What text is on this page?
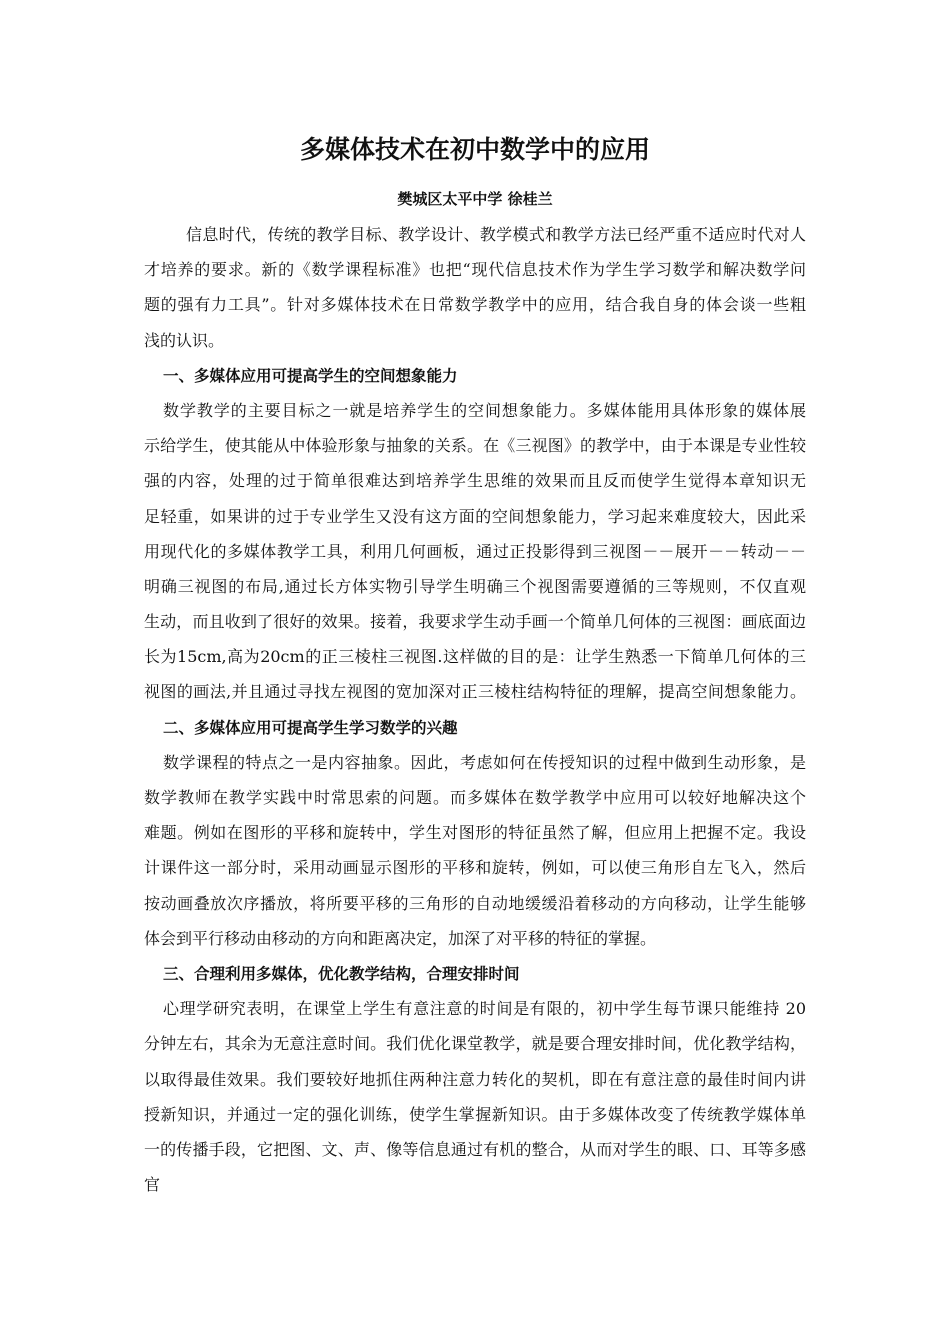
多媒体技术在初中数学中的应用
樊城区太平中学 徐桂兰
信息时代，传统的教学目标、教学设计、教学模式和教学方法已经严重不适应时代对人
才培养的要求。新的《数学课程标准》也把“现代信息技术作为学生学习数学和解决数学问
题的强有力工具”。针对多媒体技术在日常数学教学中的应用，结合我自身的体会谈一些粗
浅的认识。
一、多媒体应用可提高学生的空间想象能力
数学教学的主要目标之一就是培养学生的空间想象能力。多媒体能用具体形象的媒体展
示给学生，使其能从中体验形象与抽象的关系。在《三视图》的教学中，由于本课是专业性较
强的内容，处理的过于简单很难达到培养学生思维的效果而且反而使学生觉得本章知识无
足轻重，如果讲的过于专业学生又没有这方面的空间想象能力，学习起来难度较大，因此采
用现代化的多媒体教学工具，利用几何画板，通过正投影得到三视图－－展开－－转动－－
明确三视图的布局,通过长方体实物引导学生明确三个视图需要遵循的三等规则，不仅直观
生动，而且收到了很好的效果。接着，我要求学生动手画一个简单几何体的三视图：画底面边
长为15cm,高为20cm的正三棱柱三视图.这样做的目的是：让学生熟悉一下简单几何体的三
视图的画法,并且通过寻找左视图的宽加深对正三棱柱结构特征的理解，提高空间想象能力。
二、多媒体应用可提高学生学习数学的兴趣
数学课程的特点之一是内容抽象。因此，考虑如何在传授知识的过程中做到生动形象，是
数学教师在教学实践中时常思索的问题。而多媒体在数学教学中应用可以较好地解决这个
难题。例如在图形的平移和旋转中，学生对图形的特征虽然了解，但应用上把握不定。我设
计课件这一部分时，采用动画显示图形的平移和旋转，例如，可以使三角形自左飞入，然后
按动画叠放次序播放，将所要平移的三角形的自动地缓缓沿着移动的方向移动，让学生能够
体会到平行移动由移动的方向和距离决定，加深了对平移的特征的掌握。
三、合理利用多媒体，优化教学结构，合理安排时间
心理学研究表明，在课堂上学生有意注意的时间是有限的，初中学生每节课只能维持 20
分钟左右，其余为无意注意时间。我们优化课堂教学，就是要合理安排时间，优化教学结构，
以取得最佳效果。我们要较好地抓住两种注意力转化的契机，即在有意注意的最佳时间内讲
授新知识，并通过一定的强化训练，使学生掌握新知识。由于多媒体改变了传统教学媒体单
一的传播手段，它把图、文、声、像等信息通过有机的整合，从而对学生的眼、口、耳等多感官
